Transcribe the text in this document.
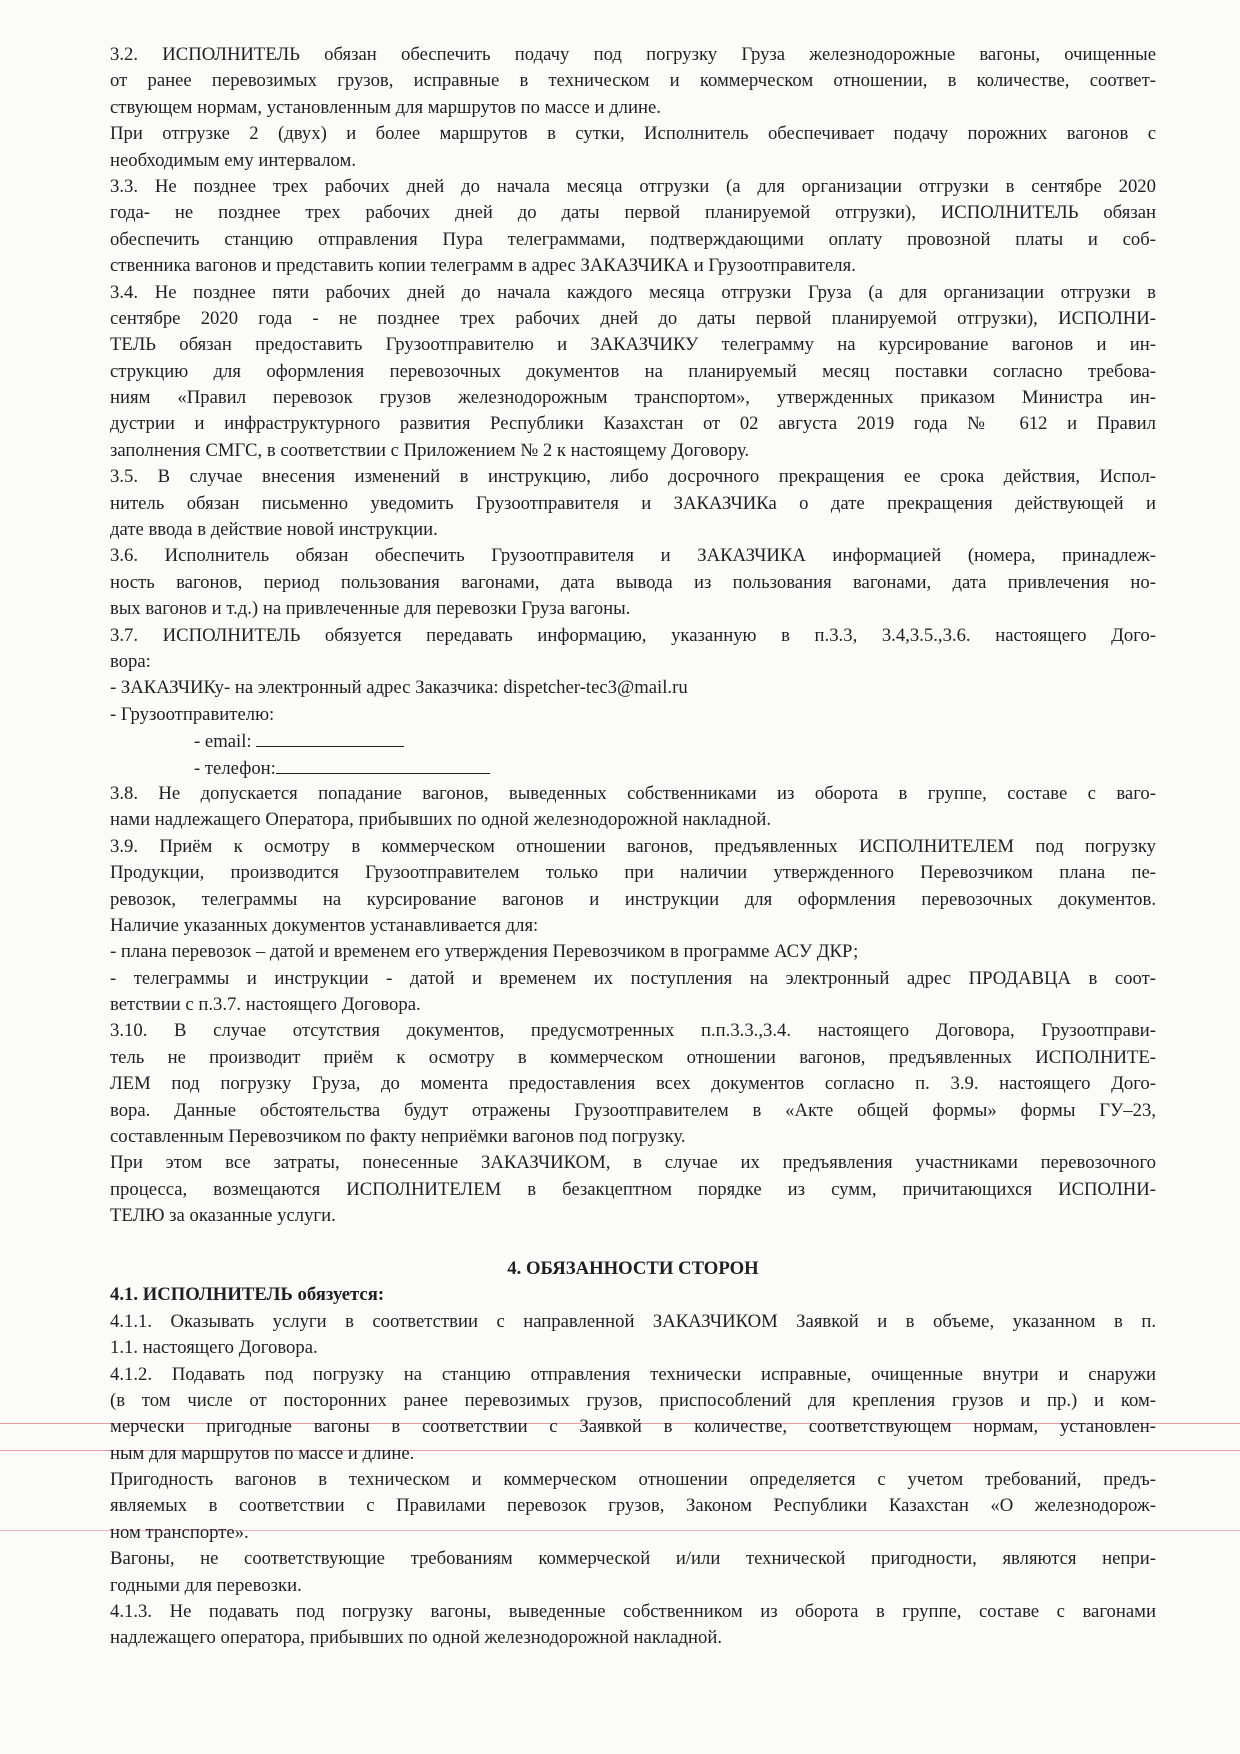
3.2. ИСПОЛНИТЕЛЬ обязан обеспечить подачу под погрузку Груза железнодорожные вагоны, очищенные
от ранее перевозимых грузов, исправные в техническом и коммерческом отношении, в количестве, соответ-
ствующем нормам, установленным для маршрутов по массе и длине.
При отгрузке 2 (двух) и более маршрутов в сутки, Исполнитель обеспечивает подачу порожних вагонов с
необходимым ему интервалом.
3.3. Не позднее трех рабочих дней до начала месяца отгрузки (а для организации отгрузки в сентябре 2020
года- не позднее трех рабочих дней до даты первой планируемой отгрузки), ИСПОЛНИТЕЛЬ обязан
обеспечить станцию отправления Пура телеграммами, подтверждающими оплату провозной платы и соб-
ственника вагонов и представить копии телеграмм в адрес ЗАКАЗЧИКА и Грузоотправителя.
3.4. Не позднее пяти рабочих дней до начала каждого месяца отгрузки Груза (а для организации отгрузки в
сентябре 2020 года - не позднее трех рабочих дней до даты первой планируемой отгрузки), ИСПОЛНИ-
ТЕЛЬ обязан предоставить Грузоотправителю и ЗАКАЗЧИКУ телеграмму на курсирование вагонов и ин-
струкцию для оформления перевозочных документов на планируемый месяц поставки согласно требова-
ниям «Правил перевозок грузов железнодорожным транспортом», утвержденных приказом Министра ин-
дустрии и инфраструктурного развития Республики Казахстан от 02 августа 2019 года № 612 и Правил
заполнения СМГС, в соответствии с Приложением № 2 к настоящему Договору.
3.5. В случае внесения изменений в инструкцию, либо досрочного прекращения ее срока действия, Испол-
нитель обязан письменно уведомить Грузоотправителя и ЗАКАЗЧИКа о дате прекращения действующей и
дате ввода в действие новой инструкции.
3.6. Исполнитель обязан обеспечить Грузоотправителя и ЗАКАЗЧИКА информацией (номера, принадлеж-
ность вагонов, период пользования вагонами, дата вывода из пользования вагонами, дата привлечения но-
вых вагонов и т.д.) на привлеченные для перевозки Груза вагоны.
3.7. ИСПОЛНИТЕЛЬ обязуется передавать информацию, указанную в п.3.3, 3.4,3.5.,3.6. настоящего Дого-
вора:
- ЗАКАЗЧИКу- на электронный адрес Заказчика: dispetcher-tec3@mail.ru
- Грузоотправителю:
- email:
- телефон:
3.8. Не допускается попадание вагонов, выведенных собственниками из оборота в группе, составе с ваго-
нами надлежащего Оператора, прибывших по одной железнодорожной накладной.
3.9. Приём к осмотру в коммерческом отношении вагонов, предъявленных ИСПОЛНИТЕЛЕМ под погрузку
Продукции, производится Грузоотправителем только при наличии утвержденного Перевозчиком плана пе-
ревозок, телеграммы на курсирование вагонов и инструкции для оформления перевозочных документов.
Наличие указанных документов устанавливается для:
- плана перевозок – датой и временем его утверждения Перевозчиком в программе АСУ ДКР;
- телеграммы и инструкции - датой и временем их поступления на электронный адрес ПРОДАВЦА в соот-
ветствии с п.3.7. настоящего Договора.
3.10. В случае отсутствия документов, предусмотренных п.п.3.3.,3.4. настоящего Договора, Грузоотправи-
тель не производит приём к осмотру в коммерческом отношении вагонов, предъявленных ИСПОЛНИТЕ-
ЛЕМ под погрузку Груза, до момента предоставления всех документов согласно п. 3.9. настоящего Дого-
вора. Данные обстоятельства будут отражены Грузоотправителем в «Акте общей формы» формы ГУ–23,
составленным Перевозчиком по факту неприёмки вагонов под погрузку.
При этом все затраты, понесенные ЗАКАЗЧИКОМ, в случае их предъявления участниками перевозочного
процесса, возмещаются ИСПОЛНИТЕЛЕМ в безакцептном порядке из сумм, причитающихся ИСПОЛНИ-
ТЕЛЮ за оказанные услуги.
4. ОБЯЗАННОСТИ СТОРОН
4.1. ИСПОЛНИТЕЛЬ обязуется:
4.1.1. Оказывать услуги в соответствии с направленной ЗАКАЗЧИКОМ Заявкой и в объеме, указанном в п.
1.1. настоящего Договора.
4.1.2. Подавать под погрузку на станцию отправления технически исправные, очищенные внутри и снаружи
(в том числе от посторонних ранее перевозимых грузов, приспособлений для крепления грузов и пр.) и ком-
мерчески пригодные вагоны в соответствии с Заявкой в количестве, соответствующем нормам, установлен-
ным для маршрутов по массе и длине.
Пригодность вагонов в техническом и коммерческом отношении определяется с учетом требований, предъ-
являемых в соответствии с Правилами перевозок грузов, Законом Республики Казахстан «О железнодорож-
ном транспорте».
Вагоны, не соответствующие требованиям коммерческой и/или технической пригодности, являются непри-
годными для перевозки.
4.1.3. Не подавать под погрузку вагоны, выведенные собственником из оборота в группе, составе с вагонами
надлежащего оператора, прибывших по одной железнодорожной накладной.
